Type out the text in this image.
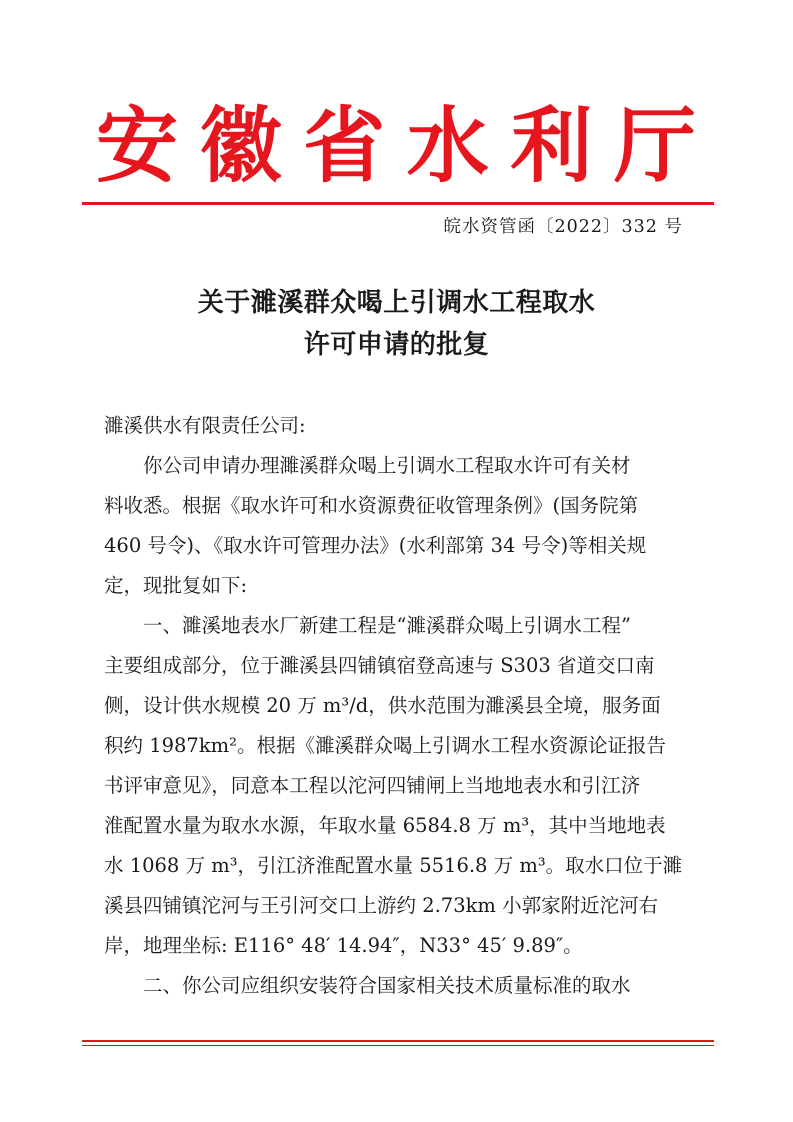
安 徽 省 水 利 厅
皖水资管函〔2022〕332 号
关于濉溪群众喝上引调水工程取水
许可申请的批复
濉溪供水有限责任公司:
你公司申请办理濉溪群众喝上引调水工程取水许可有关材
料收悉。根据《取水许可和水资源费征收管理条例》(国务院第
460 号令)、《取水许可管理办法》(水利部第 34 号令)等相关规
定，现批复如下:
一、濉溪地表水厂新建工程是“濉溪群众喝上引调水工程”
主要组成部分，位于濉溪县四铺镇宿登高速与 S303 省道交口南
侧，设计供水规模 20 万 m³/d，供水范围为濉溪县全境，服务面
积约 1987km²。根据《濉溪群众喝上引调水工程水资源论证报告
书评审意见》，同意本工程以沱河四铺闸上当地地表水和引江济
淮配置水量为取水水源，年取水量 6584.8 万 m³，其中当地地表
水 1068 万 m³，引江济淮配置水量 5516.8 万 m³。取水口位于濉
溪县四铺镇沱河与王引河交口上游约 2.73km 小郭家附近沱河右
岸，地理坐标: E116° 48′ 14.94″，N33° 45′ 9.89″。
二、你公司应组织安装符合国家相关技术质量标准的取水
